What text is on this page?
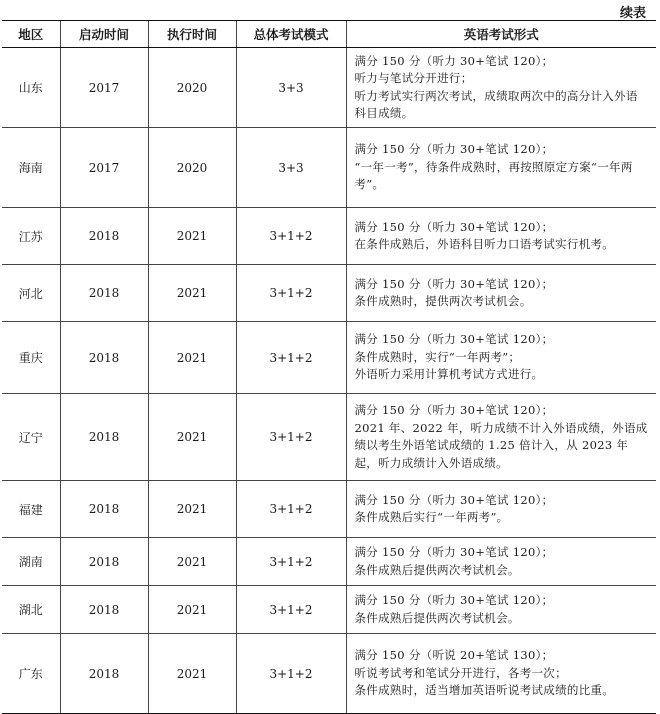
续表
地区	启动时间	执行时间	总体考试模式	英语考试形式
山东	2017	2020	3+3	满分 150 分（听力 30+笔试 120）；
听力与笔试分开进行；
听力考试实行两次考试，成绩取两次中的高分计入外语科目成绩。

海南	2017	2020	3+3	满分 150 分（听力 30+笔试 120）；
“一年一考”，待条件成熟时，再按照原定方案“一年两考”。

江苏	2018	2021	3+1+2	满分 150 分（听力 30+笔试 120）；
在条件成熟后，外语科目听力口语考试实行机考。

河北	2018	2021	3+1+2	满分 150 分（听力 30+笔试 120）；
条件成熟时，提供两次考试机会。

重庆	2018	2021	3+1+2	满分 150 分（听力 30+笔试 120）；
条件成熟时，实行“一年两考”；
外语听力采用计算机考试方式进行。

辽宁	2018	2021	3+1+2	满分 150 分（听力 30+笔试 120）；
2021 年、2022 年，听力成绩不计入外语成绩，外语成绩以考生外语笔试成绩的 1.25 倍计入，从 2023 年起，听力成绩计入外语成绩。

福建	2018	2021	3+1+2	满分 150 分（听力 30+笔试 120）；
条件成熟后实行“一年两考”。

湖南	2018	2021	3+1+2	满分 150 分（听力 30+笔试 120）；
条件成熟后提供两次考试机会。

湖北	2018	2021	3+1+2	满分 150 分（听力 30+笔试 120）；
条件成熟后提供两次考试机会。

广东	2018	2021	3+1+2	满分 150 分（听说 20+笔试 130）；
听说考试考和笔试分开进行，各考一次；
条件成熟时，适当增加英语听说考试成绩的比重。
